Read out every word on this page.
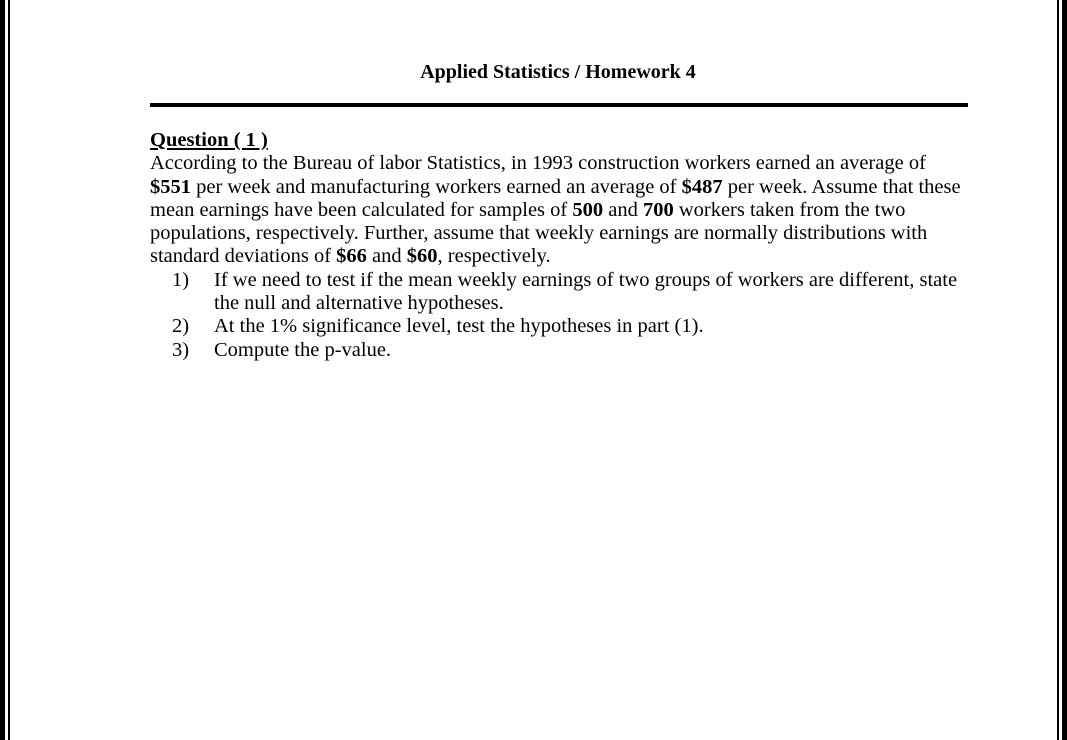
Applied Statistics / Homework 4
Question ( 1 )
According to the Bureau of labor Statistics, in 1993 construction workers earned an average of $551 per week and manufacturing workers earned an average of $487 per week. Assume that these mean earnings have been calculated for samples of 500 and 700 workers taken from the two populations, respectively. Further, assume that weekly earnings are normally distributions with standard deviations of $66 and $60, respectively.
1) If we need to test if the mean weekly earnings of two groups of workers are different, state the null and alternative hypotheses.
2) At the 1% significance level, test the hypotheses in part (1).
3) Compute the p-value.
